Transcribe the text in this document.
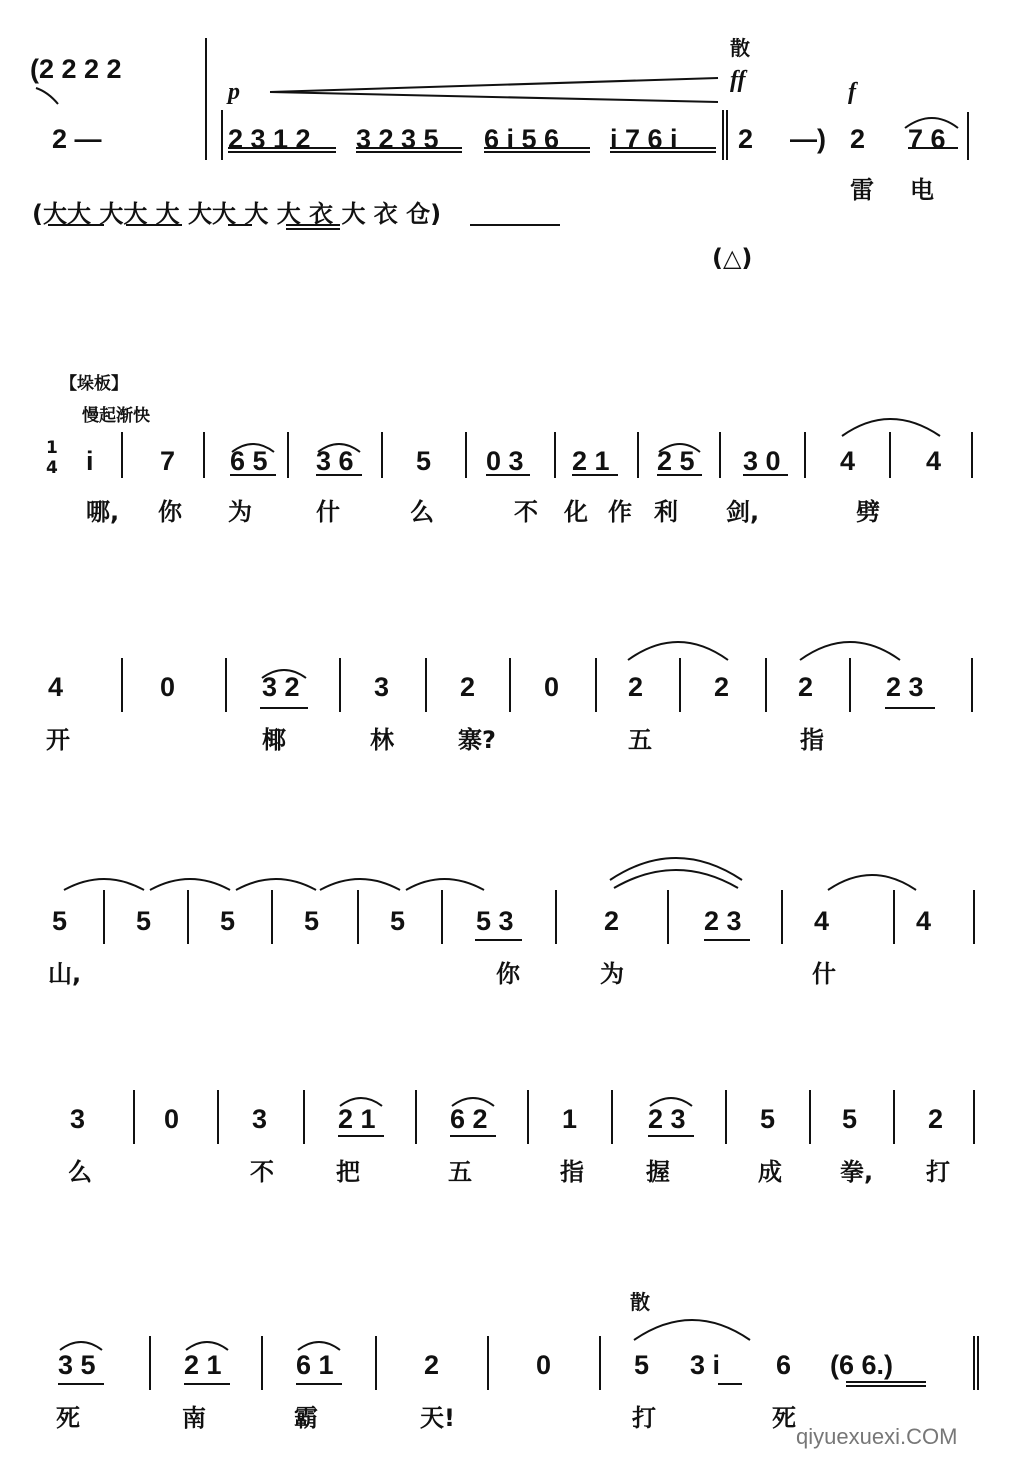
(2 2 2 2
2 —
p
散
ff	f
2 3 1 2 3 2 3 5 6 i 5 6 i 7 6 i 2 —) 2 7 6
雷 电
(大大 大大 大 大大 大 大 衣 大 衣 仓)
(△)
【垛板】
慢起渐快
1
4 i 7 6 5 3 6 5 0 3 2 1 2 5 3 0 4	4
哪, 你 为	什	么	不 化 作 利 剑,	劈
4	0	3 2	3	2	0	2	2	2	2 3
开	椰	林	寨?	五	指
5	5	5	5	5	5 3	2	2 3	4	4
山,	你	为	什
3	0	3	2 1	6 2	1	2 3	5 5	2
么	不	把	五	指	握	成 拳, 打
散
3 5	2 1	6 1	2	0	5 3 i 6 (6 6.)
死	南	霸	天!	打	死
qiyuexuexi.COM
